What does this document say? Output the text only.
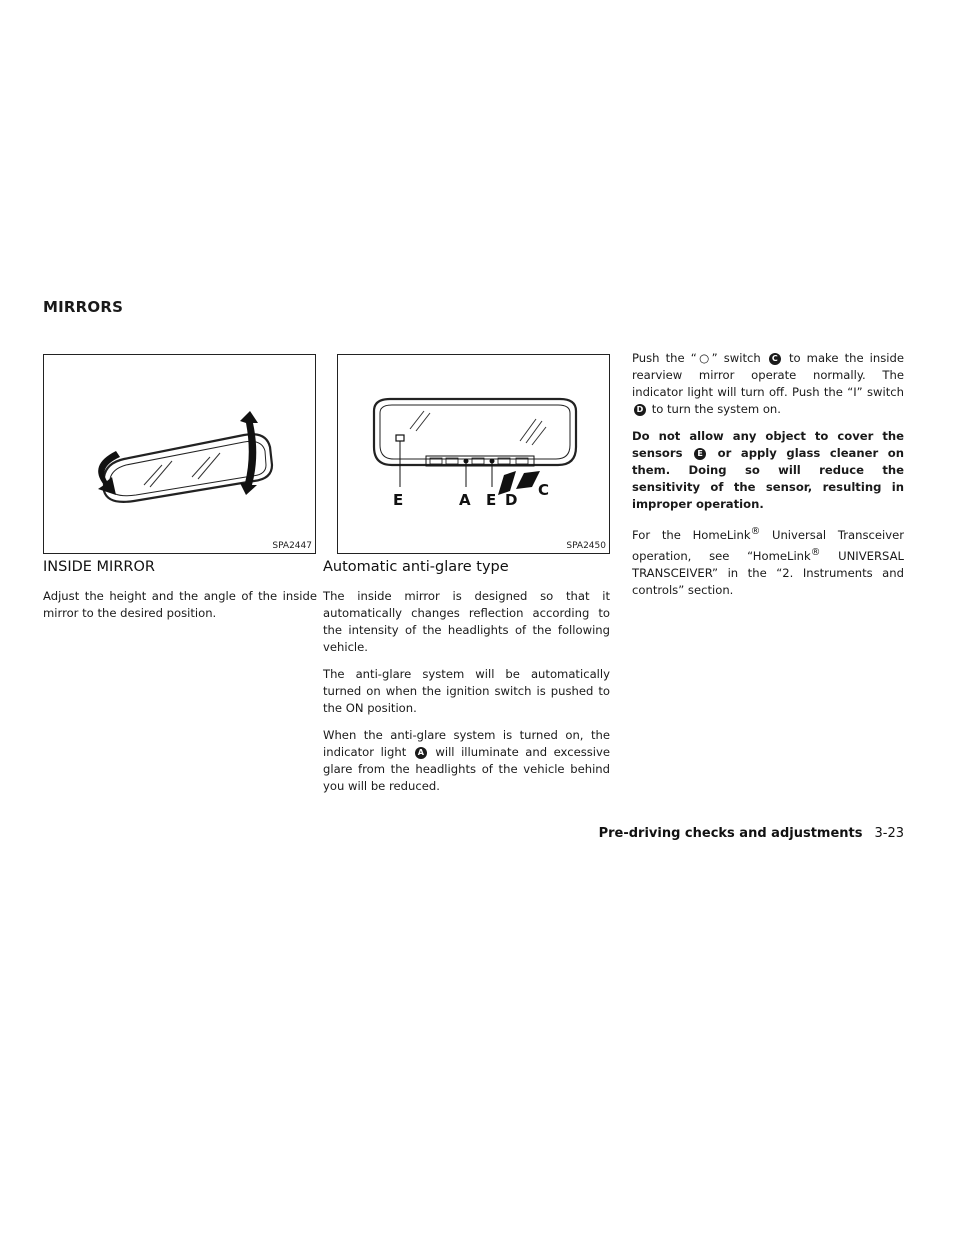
MIRRORS
SPA2447
E	A E D
C
SPA2450
INSIDE MIRROR

Adjust the height and the angle of the inside mirror to the desired position.

Automatic anti-glare type

The inside mirror is designed so that it automatically changes reflection according to the intensity of the headlights of the following vehicle.

The anti-glare system will be automatically turned on when the ignition switch is pushed to the ON position.

When the anti-glare system is turned on, the indicator light A will illuminate and excessive glare from the headlights of the vehicle behind you will be reduced.

Push the “○” switch C to make the inside rearview mirror operate normally. The indicator light will turn off. Push the “I” switch D to turn the system on.

Do not allow any object to cover the sensors E or apply glass cleaner on them. Doing so will reduce the sensitivity of the sensor, resulting in improper operation.

For the HomeLink® Universal Transceiver operation, see “HomeLink® UNIVERSAL TRANSCEIVER” in the “2. Instruments and controls” section.

Pre-driving checks and adjustments 3-23
